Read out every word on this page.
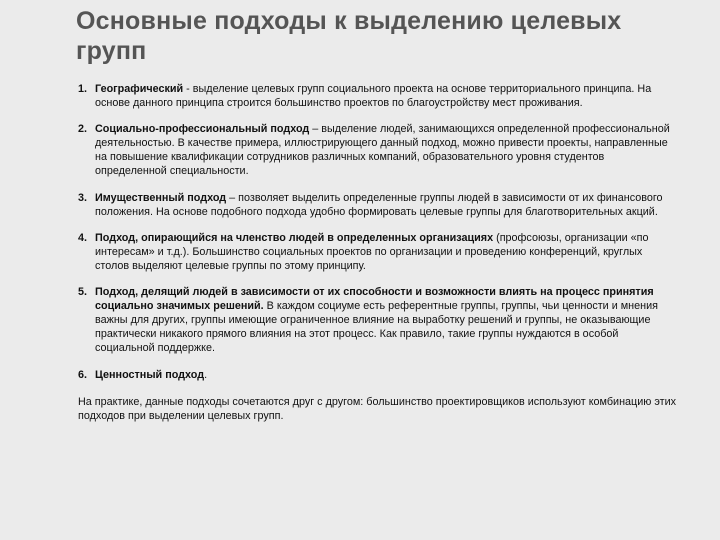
Основные подходы к выделению целевых групп
1. Географический - выделение целевых групп социального проекта на основе территориального принципа. На основе данного принципа строится большинство проектов по благоустройству мест проживания.
2. Социально-профессиональный подход – выделение людей, занимающихся определенной профессиональной деятельностью. В качестве примера, иллюстрирующего данный подход, можно привести проекты, направленные на повышение квалификации сотрудников различных компаний, образовательного уровня студентов определенной специальности.
3. Имущественный подход – позволяет выделить определенные группы людей в зависимости от их финансового положения. На основе подобного подхода удобно формировать целевые группы для благотворительных акций.
4. Подход, опирающийся на членство людей в определенных организациях (профсоюзы, организации «по интересам» и т.д.). Большинство социальных проектов по организации и проведению конференций, круглых столов выделяют целевые группы по этому принципу.
5. Подход, делящий людей в зависимости от их способности и возможности влиять на процесс принятия социально значимых решений. В каждом социуме есть референтные группы, группы, чьи ценности и мнения важны для других, группы имеющие ограниченное влияние на выработку решений и группы, не оказывающие практически никакого прямого влияния на этот процесс. Как правило, такие группы нуждаются в особой социальной поддержке.
6. Ценностный подход.

На практике, данные подходы сочетаются друг с другом: большинство проектировщиков используют комбинацию этих подходов при выделении целевых групп.
